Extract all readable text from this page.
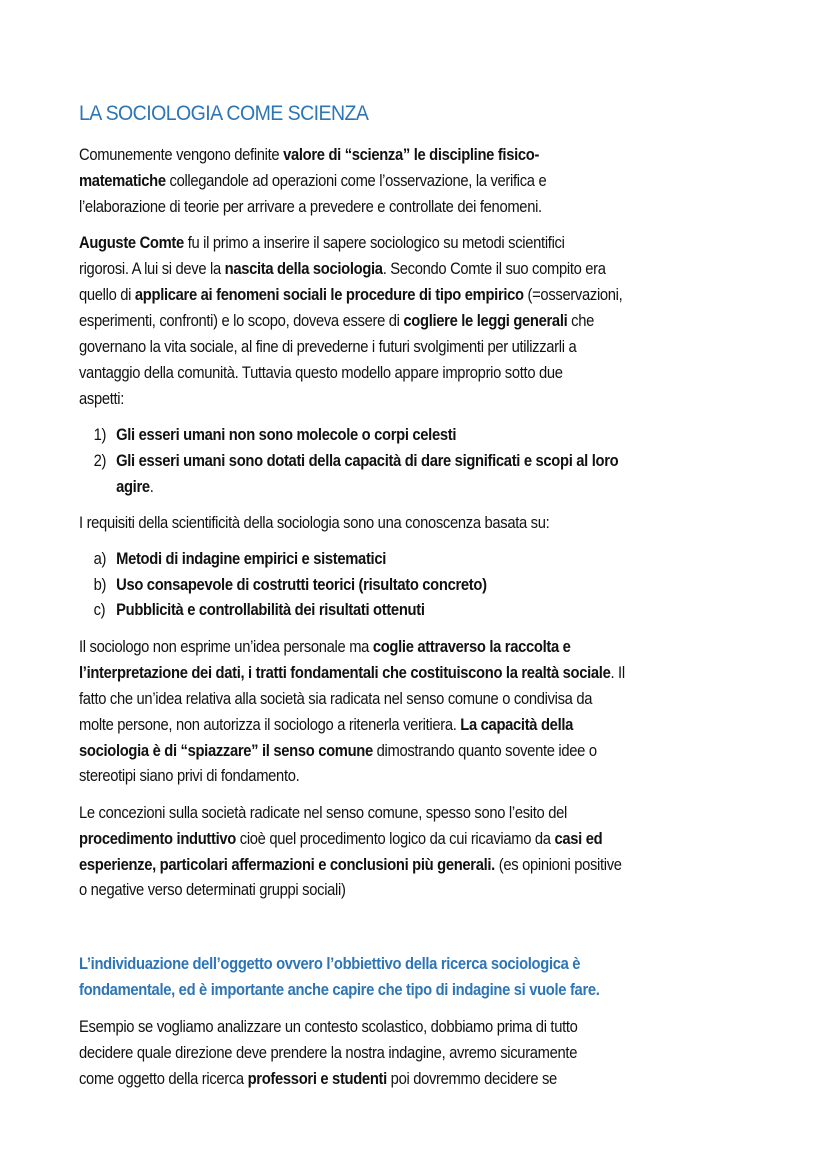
LA SOCIOLOGIA COME SCIENZA
Comunemente vengono definite valore di “scienza” le discipline fisico-
matematiche collegandole ad operazioni come l’osservazione, la verifica e
l’elaborazione di teorie per arrivare a prevedere e controllate dei fenomeni.
Auguste Comte fu il primo a inserire il sapere sociologico su metodi scientifici
rigorosi. A lui si deve la nascita della sociologia. Secondo Comte il suo compito era
quello di applicare ai fenomeni sociali le procedure di tipo empirico (=osservazioni,
esperimenti, confronti) e lo scopo, doveva essere di cogliere le leggi generali che
governano la vita sociale, al fine di prevederne i futuri svolgimenti per utilizzarli a
vantaggio della comunità. Tuttavia questo modello appare improprio sotto due
aspetti:
1) Gli esseri umani non sono molecole o corpi celesti
2) Gli esseri umani sono dotati della capacità di dare significati e scopi al loro
agire.
I requisiti della scientificità della sociologia sono una conoscenza basata su:
a) Metodi di indagine empirici e sistematici
b) Uso consapevole di costrutti teorici (risultato concreto)
c) Pubblicità e controllabilità dei risultati ottenuti
Il sociologo non esprime un’idea personale ma coglie attraverso la raccolta e
l’interpretazione dei dati, i tratti fondamentali che costituiscono la realtà sociale. Il
fatto che un’idea relativa alla società sia radicata nel senso comune o condivisa da
molte persone, non autorizza il sociologo a ritenerla veritiera. La capacità della
sociologia è di “spiazzare” il senso comune dimostrando quanto sovente idee o
stereotipi siano privi di fondamento.
Le concezioni sulla società radicate nel senso comune, spesso sono l’esito del
procedimento induttivo cioè quel procedimento logico da cui ricaviamo da casi ed
esperienze, particolari affermazioni e conclusioni più generali. (es opinioni positive
o negative verso determinati gruppi sociali)
L’individuazione dell’oggetto ovvero l’obbiettivo della ricerca sociologica è
fondamentale, ed è importante anche capire che tipo di indagine si vuole fare.
Esempio se vogliamo analizzare un contesto scolastico, dobbiamo prima di tutto
decidere quale direzione deve prendere la nostra indagine, avremo sicuramente
come oggetto della ricerca professori e studenti poi dovremmo decidere se
